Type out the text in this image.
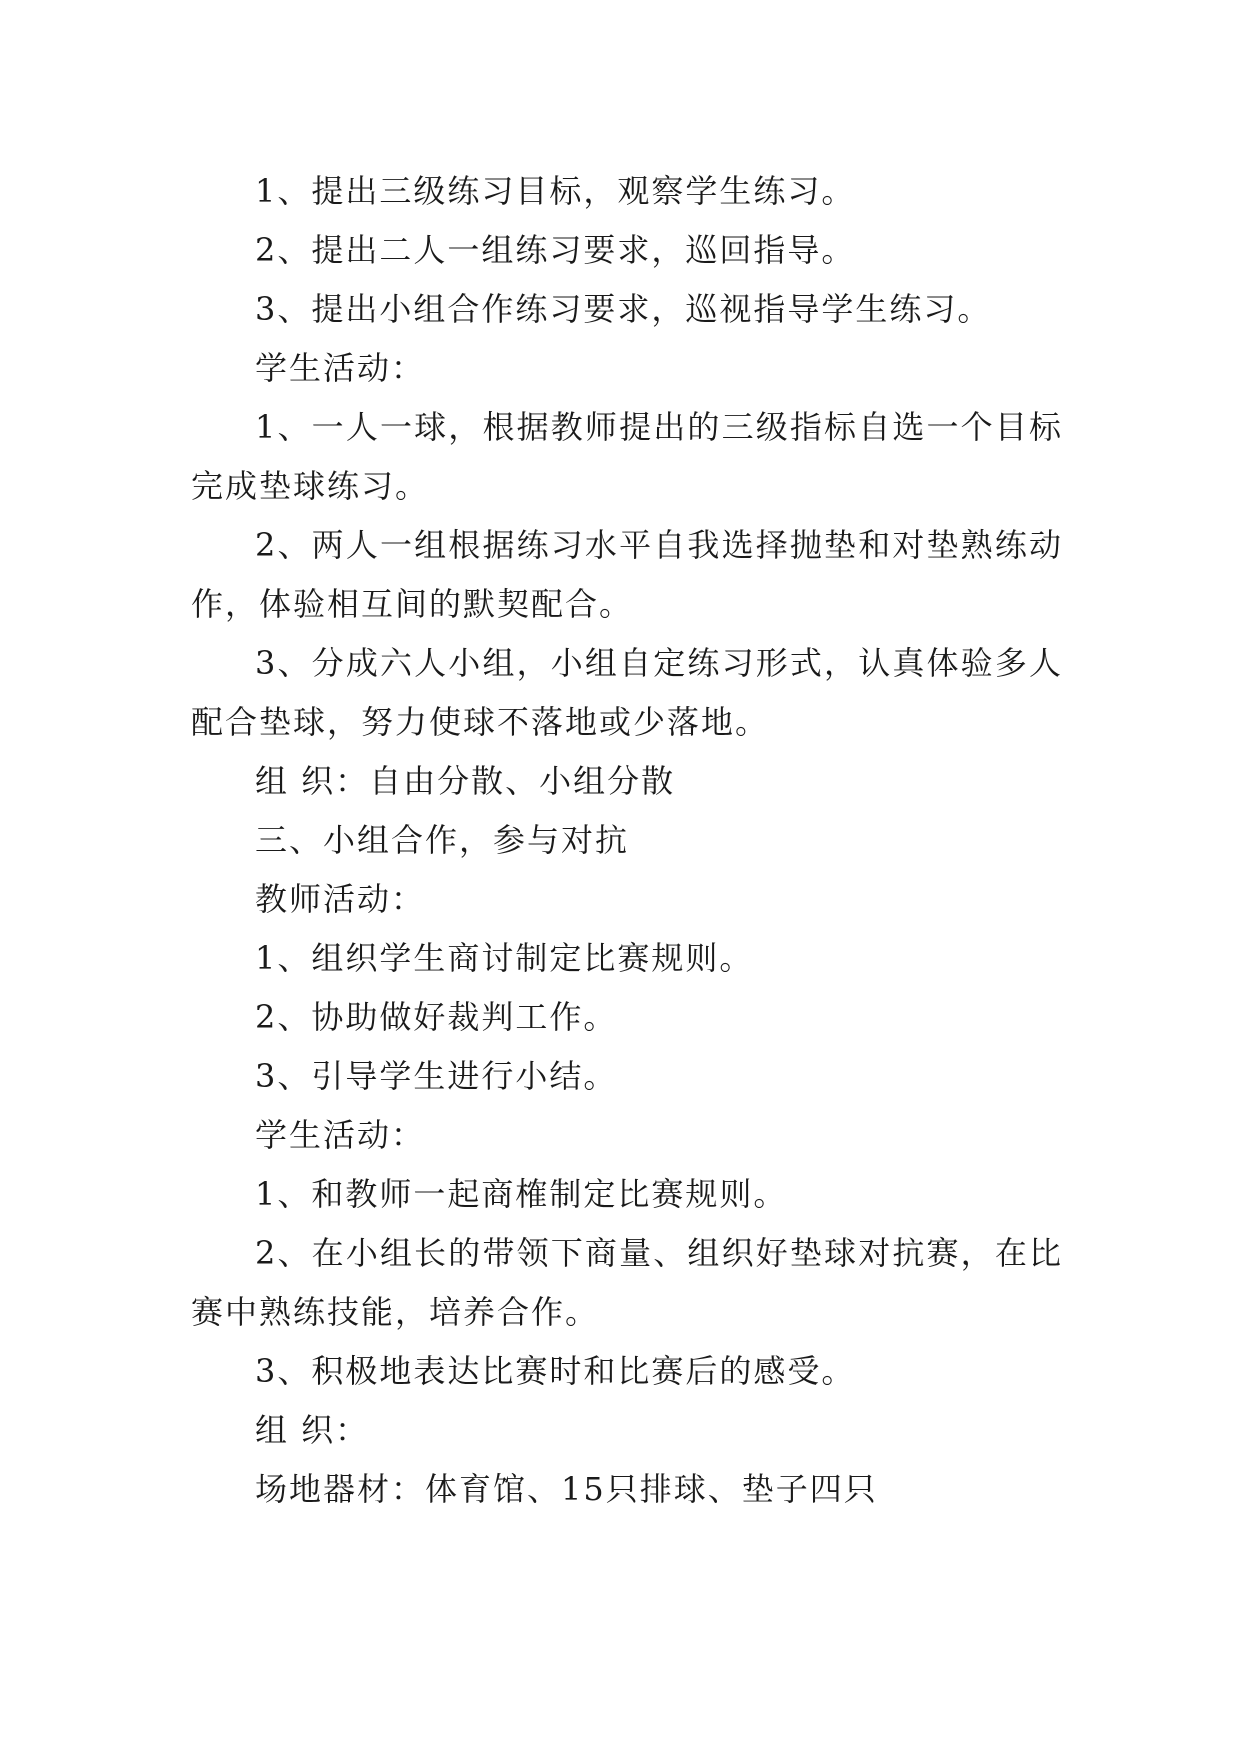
1、提出三级练习目标，观察学生练习。

2、提出二人一组练习要求，巡回指导。

3、提出小组合作练习要求，巡视指导学生练习。

学生活动：

1、一人一球，根据教师提出的三级指标自选一个目标完成垫球练习。

2、两人一组根据练习水平自我选择抛垫和对垫熟练动作，体验相互间的默契配合。

3、分成六人小组，小组自定练习形式，认真体验多人配合垫球，努力使球不落地或少落地。

组 织：自由分散、小组分散

三、小组合作，参与对抗

教师活动：

1、组织学生商讨制定比赛规则。

2、协助做好裁判工作。

3、引导学生进行小结。

学生活动：

1、和教师一起商榷制定比赛规则。

2、在小组长的带领下商量、组织好垫球对抗赛，在比赛中熟练技能，培养合作。

3、积极地表达比赛时和比赛后的感受。

组 织：

场地器材：体育馆、15只排球、垫子四只
